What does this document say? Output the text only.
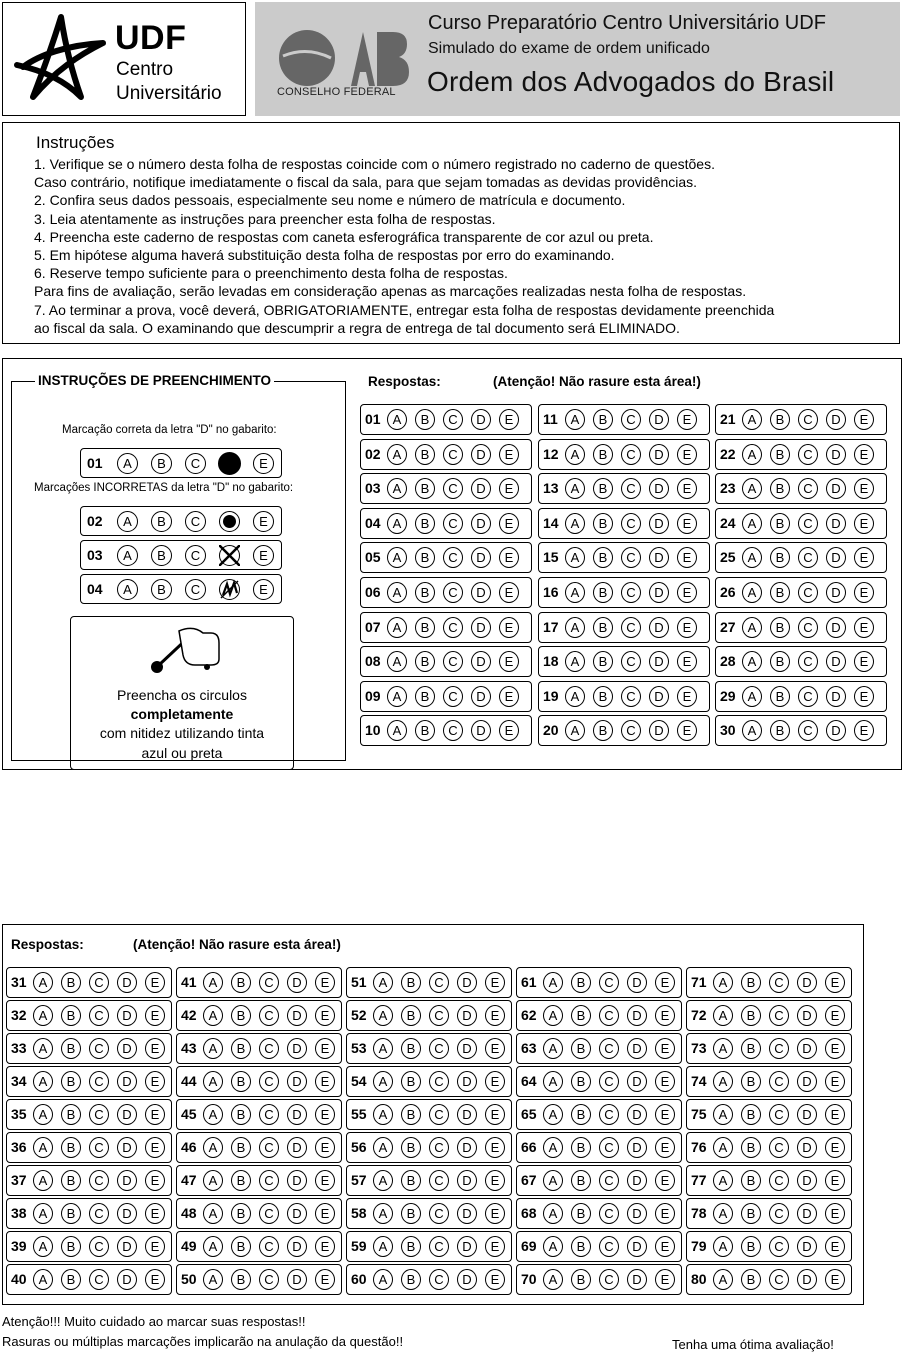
UDF
Centro
Universitário	CONSELHO FEDERAL
Curso Preparatório Centro Universitário UDF
Simulado do exame de ordem unificado
Ordem dos Advogados do Brasil
Instruções
1. Verifique se o número desta folha de respostas coincide com o número registrado no caderno de questões.
Caso contrário, notifique imediatamente o fiscal da sala, para que sejam tomadas as devidas providências.
2. Confira seus dados pessoais, especialmente seu nome e número de matrícula e documento.
3. Leia atentamente as instruções para preencher esta folha de respostas.
4. Preencha este caderno de respostas com caneta esferográfica transparente de cor azul ou preta.
5. Em hipótese alguma haverá substituição desta folha de respostas por erro do examinando.
6. Reserve tempo suficiente para o preenchimento desta folha de respostas.
Para fins de avaliação, serão levadas em consideração apenas as marcações realizadas nesta folha de respostas.
7. Ao terminar a prova, você deverá, OBRIGATORIAMENTE, entregar esta folha de respostas devidamente preenchida
ao fiscal da sala. O examinando que descumprir a regra de entrega de tal documento será ELIMINADO.
Marcação correta da letra "D" no gabarito:
Marcações INCORRETAS da letra "D" no gabarito:
01	A	B	C	E
02	A	B	C	E
03	A	B	C	E
04	A	B	C	E
Preencha os circulos
completamente
com nitidez utilizando tinta
azul ou preta
INSTRUÇÕES DE PREENCHIMENTO	Respostas:	(Atenção! Não rasure esta área!)
01 A	B	C	D	E
02 A	B	C	D	E
03 A	B	C	D	E
04 A	B	C	D	E
05 A	B	C	D	E
06 A	B	C	D	E
07 A	B	C	D	E
08 A	B	C	D	E
09 A	B	C	D	E
10 A	B	C	D	E
11 A	B	C	D	E
12 A	B	C	D	E
13 A	B	C	D	E
14 A	B	C	D	E
15 A	B	C	D	E
16 A	B	C	D	E
17 A	B	C	D	E
18 A	B	C	D	E
19 A	B	C	D	E
20 A	B	C	D	E
21 A	B	C	D	E
22 A	B	C	D	E
23 A	B	C	D	E
24 A	B	C	D	E
25 A	B	C	D	E
26 A	B	C	D	E
27 A	B	C	D	E
28 A	B	C	D	E
29 A	B	C	D	E
30 A	B	C	D	E
Respostas:	(Atenção! Não rasure esta área!)
31 A	B	C	D	E
32 A	B	C	D	E
33 A	B	C	D	E
34 A	B	C	D	E
35 A	B	C	D	E
36 A	B	C	D	E
37 A	B	C	D	E
38 A	B	C	D	E
39 A	B	C	D	E
40 A	B	C	D	E
41 A	B	C	D	E
42 A	B	C	D	E
43 A	B	C	D	E
44 A	B	C	D	E
45 A	B	C	D	E
46 A	B	C	D	E
47 A	B	C	D	E
48 A	B	C	D	E
49 A	B	C	D	E
50 A	B	C	D	E
51 A	B	C	D	E
52 A	B	C	D	E
53 A	B	C	D	E
54 A	B	C	D	E
55 A	B	C	D	E
56 A	B	C	D	E
57 A	B	C	D	E
58 A	B	C	D	E
59 A	B	C	D	E
60 A	B	C	D	E
61 A	B	C	D	E
62 A	B	C	D	E
63 A	B	C	D	E
64 A	B	C	D	E
65 A	B	C	D	E
66 A	B	C	D	E
67 A	B	C	D	E
68 A	B	C	D	E
69 A	B	C	D	E
70 A	B	C	D	E
71 A	B	C	D	E
72 A	B	C	D	E
73 A	B	C	D	E
74 A	B	C	D	E
75 A	B	C	D	E
76 A	B	C	D	E
77 A	B	C	D	E
78 A	B	C	D	E
79 A	B	C	D	E
80 A	B	C	D	E
Atenção!!! Muito cuidado ao marcar suas respostas!!
Rasuras ou múltiplas marcações implicarão na anulação da questão!!	Tenha uma ótima avaliação!
